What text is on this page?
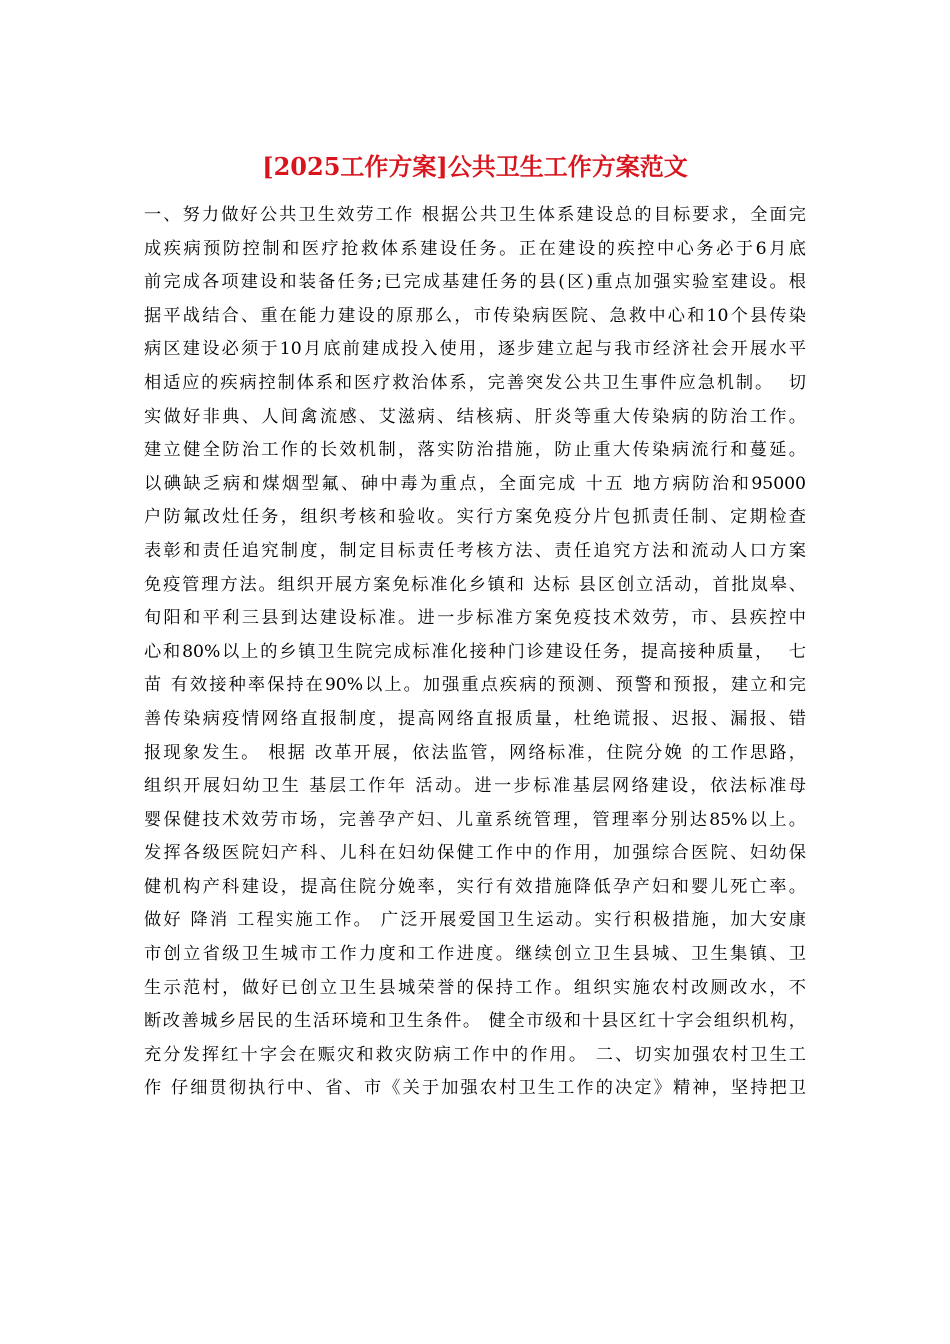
[2025工作方案]公共卫生工作方案范文
一、努力做好公共卫生效劳工作 根据公共卫生体系建设总的目标要求，全面完
成疾病预防控制和医疗抢救体系建设任务。正在建设的疾控中心务必于6月底
前完成各项建设和装备任务;已完成基建任务的县(区)重点加强实验室建设。根
据平战结合、重在能力建设的原那么，市传染病医院、急救中心和10个县传染
病区建设必须于10月底前建成投入使用，逐步建立起与我市经济社会开展水平
相适应的疾病控制体系和医疗救治体系，完善突发公共卫生事件应急机制。  切
实做好非典、人间禽流感、艾滋病、结核病、肝炎等重大传染病的防治工作。
建立健全防治工作的长效机制，落实防治措施，防止重大传染病流行和蔓延。
以碘缺乏病和煤烟型氟、砷中毒为重点，全面完成 十五 地方病防治和95000
户防氟改灶任务，组织考核和验收。实行方案免疫分片包抓责任制、定期检查
表彰和责任追究制度，制定目标责任考核方法、责任追究方法和流动人口方案
免疫管理方法。组织开展方案免标准化乡镇和 达标 县区创立活动，首批岚皋、
旬阳和平利三县到达建设标准。进一步标准方案免疫技术效劳，市、县疾控中
心和80%以上的乡镇卫生院完成标准化接种门诊建设任务，提高接种质量，  七
苗 有效接种率保持在90%以上。加强重点疾病的预测、预警和预报，建立和完
善传染病疫情网络直报制度，提高网络直报质量，杜绝谎报、迟报、漏报、错
报现象发生。 根据 改革开展，依法监管，网络标准，住院分娩 的工作思路，
组织开展妇幼卫生 基层工作年 活动。进一步标准基层网络建设，依法标准母
婴保健技术效劳市场，完善孕产妇、儿童系统管理，管理率分别达85%以上。
发挥各级医院妇产科、儿科在妇幼保健工作中的作用，加强综合医院、妇幼保
健机构产科建设，提高住院分娩率，实行有效措施降低孕产妇和婴儿死亡率。
做好 降消 工程实施工作。 广泛开展爱国卫生运动。实行积极措施，加大安康
市创立省级卫生城市工作力度和工作进度。继续创立卫生县城、卫生集镇、卫
生示范村，做好已创立卫生县城荣誉的保持工作。组织实施农村改厕改水，不
断改善城乡居民的生活环境和卫生条件。 健全市级和十县区红十字会组织机构，
充分发挥红十字会在赈灾和救灾防病工作中的作用。 二、切实加强农村卫生工
作 仔细贯彻执行中、省、市《关于加强农村卫生工作的决定》精神，坚持把卫
